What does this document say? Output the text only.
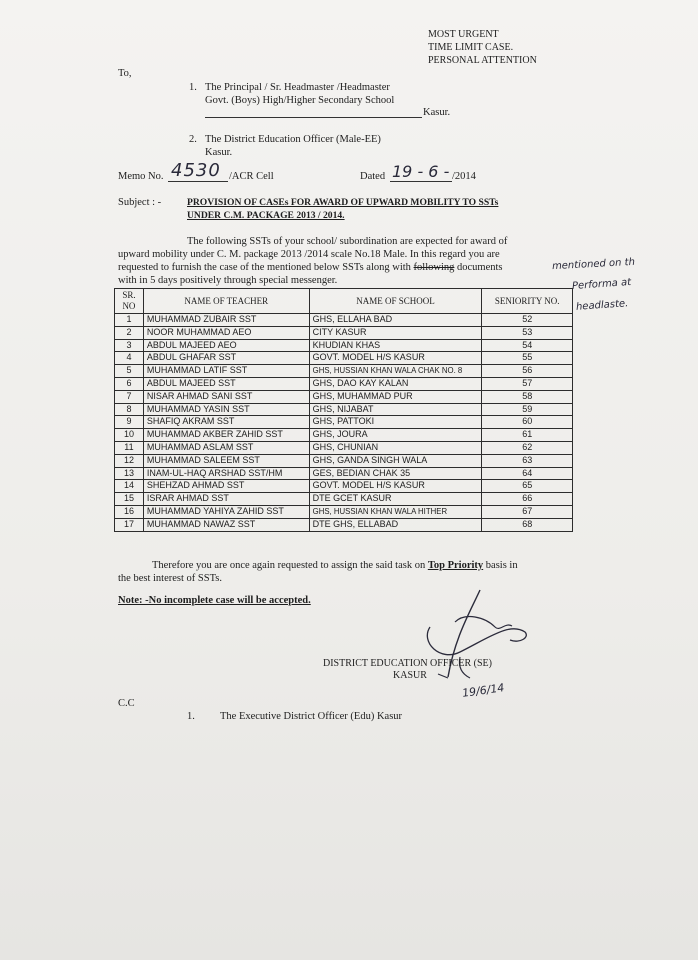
MOST URGENT
TIME LIMIT CASE.
PERSONAL ATTENTION
To,
1. The Principal / Sr. Headmaster /Headmaster
Govt. (Boys) High/Higher Secondary School
Kasur.
2. The District Education Officer (Male-EE)
Kasur.
Memo No. 4530 /ACR Cell	Dated 19 - 6 - /2014
Subject : -	PROVISION OF CASEs FOR AWARD OF UPWARD MOBILITY TO SSTs
UNDER C.M. PACKAGE 2013 / 2014.
The following SSTs of your school/ subordination are expected for award of
upward mobility under C. M. package 2013 /2014 scale No.18 Male. In this regard you are
requested to furnish the case of the mentioned below SSTs along with following documents
with in 5 days positively through special messenger.
mentioned on th
Performa at
headlaste.
SR. NO	NAME OF TEACHER	NAME OF SCHOOL	SENIORITY NO.
1	MUHAMMAD ZUBAIR SST	GHS, ELLAHA BAD	52
2	NOOR MUHAMMAD AEO	CITY KASUR	53
3	ABDUL MAJEED AEO	KHUDIAN KHAS	54
4	ABDUL GHAFAR SST	GOVT. MODEL H/S KASUR	55
5	MUHAMMAD LATIF SST	GHS, HUSSIAN KHAN WALA CHAK NO. 8	56
6	ABDUL MAJEED SST	GHS, DAO KAY KALAN	57
7	NISAR AHMAD SANI SST	GHS, MUHAMMAD PUR	58
8	MUHAMMAD YASIN SST	GHS, NIJABAT	59
9	SHAFIQ AKRAM SST	GHS, PATTOKI	60
10	MUHAMMAD AKBER ZAHID SST	GHS, JOURA	61
11	MUHAMMAD ASLAM SST	GHS, CHUNIAN	62
12	MUHAMMAD SALEEM SST	GHS, GANDA SINGH WALA	63
13	INAM-UL-HAQ ARSHAD SST/HM	GES, BEDIAN CHAK 35	64
14	SHEHZAD AHMAD SST	GOVT. MODEL H/S KASUR	65
15	ISRAR AHMAD SST	DTE GCET KASUR	66
16	MUHAMMAD YAHIYA ZAHID SST	GHS, HUSSIAN KHAN WALA HITHER	67
17	MUHAMMAD NAWAZ SST	DTE GHS, ELLABAD	68
Therefore you are once again requested to assign the said task on Top Priority basis in
the best interest of SSTs.
Note: -No incomplete case will be accepted.
DISTRICT EDUCATION OFFICER (SE)
KASUR
19/6/14
C.C
1. The Executive District Officer (Edu) Kasur
